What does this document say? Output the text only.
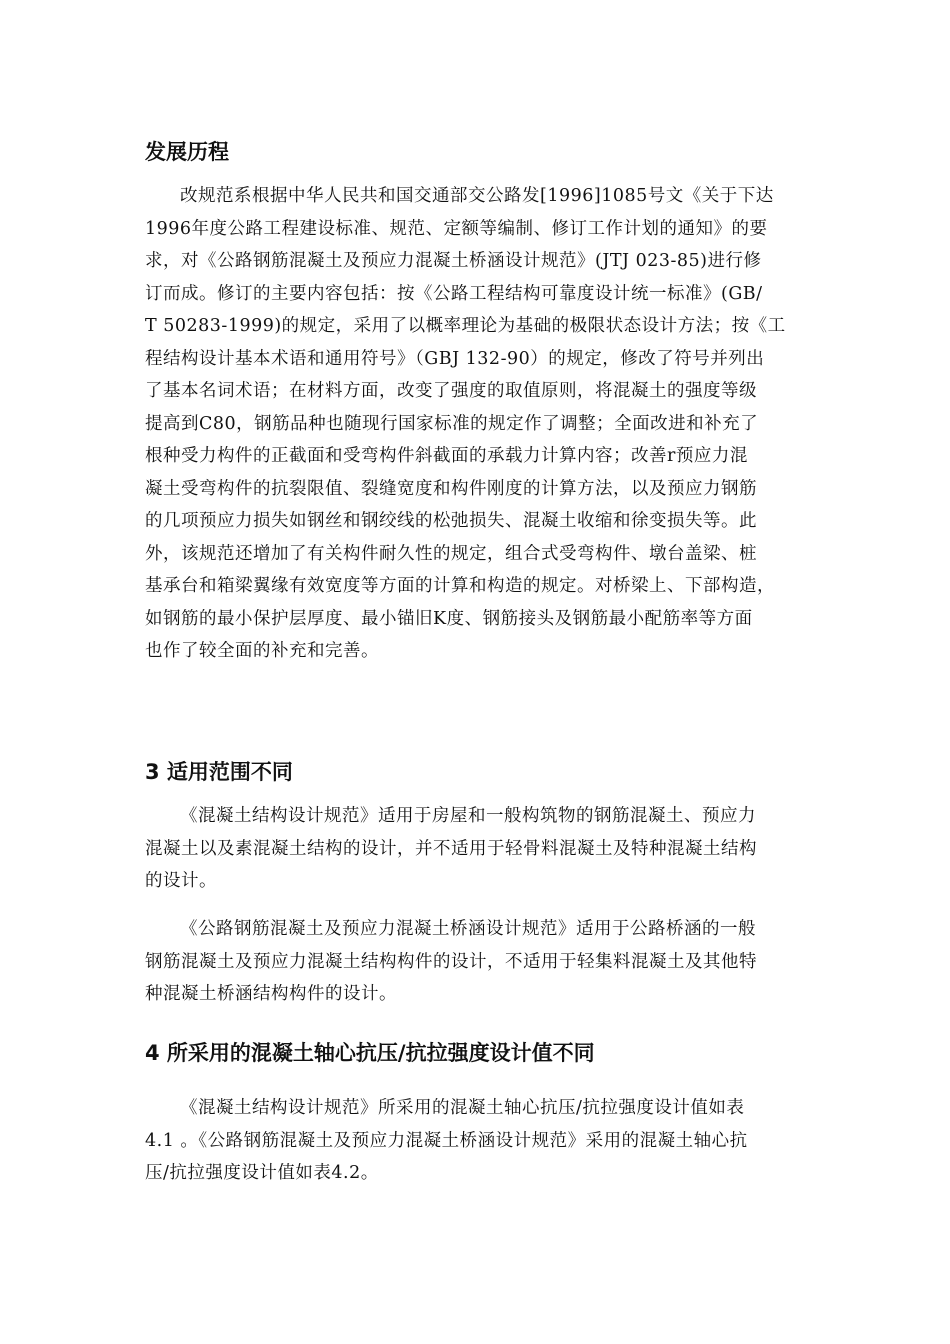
发展历程
改规范系根据中华人民共和国交通部交公路发[1996]1085号文《关于下达
1996年度公路工程建设标准、规范、定额等编制、修订工作计划的通知》的要
求，对《公路钢筋混凝土及预应力混凝土桥涵设计规范》(JTJ 023-85)进行修
订而成。修订的主要内容包括：按《公路工程结构可靠度设计统一标准》(GB/
T 50283-1999)的规定，采用了以概率理论为基础的极限状态设计方法；按《工
程结构设计基本术语和通用符号》（GBJ 132-90）的规定，修改了符号并列出
了基本名词术语；在材料方面，改变了强度的取值原则，将混凝土的强度等级
提高到C80，钢筋品种也随现行国家标准的规定作了调整；全面改进和补充了
根种受力构件的正截面和受弯构件斜截面的承载力计算内容；改善r预应力混
凝土受弯构件的抗裂限值、裂缝宽度和构件刚度的计算方法，以及预应力钢筋
的几项预应力损失如钢丝和钢绞线的松弛损失、混凝土收缩和徐变损失等。此
外，该规范还增加了有关构件耐久性的规定，组合式受弯构件、墩台盖梁、桩
基承台和箱梁翼缘有效宽度等方面的计算和构造的规定。对桥梁上、下部构造，
如钢筋的最小保护层厚度、最小锚旧K度、钢筋接头及钢筋最小配筋率等方面
也作了较全面的补充和完善。
3 适用范围不同
《混凝土结构设计规范》适用于房屋和一般构筑物的钢筋混凝土、预应力
混凝土以及素混凝土结构的设计，并不适用于轻骨料混凝土及特种混凝土结构
的设计。
《公路钢筋混凝土及预应力混凝土桥涵设计规范》适用于公路桥涵的一般
钢筋混凝土及预应力混凝土结构构件的设计，不适用于轻集料混凝土及其他特
种混凝土桥涵结构构件的设计。
4 所采用的混凝土轴心抗压/抗拉强度设计值不同
《混凝土结构设计规范》所采用的混凝土轴心抗压/抗拉强度设计值如表
4.1 。《公路钢筋混凝土及预应力混凝土桥涵设计规范》采用的混凝土轴心抗
压/抗拉强度设计值如表4.2。
